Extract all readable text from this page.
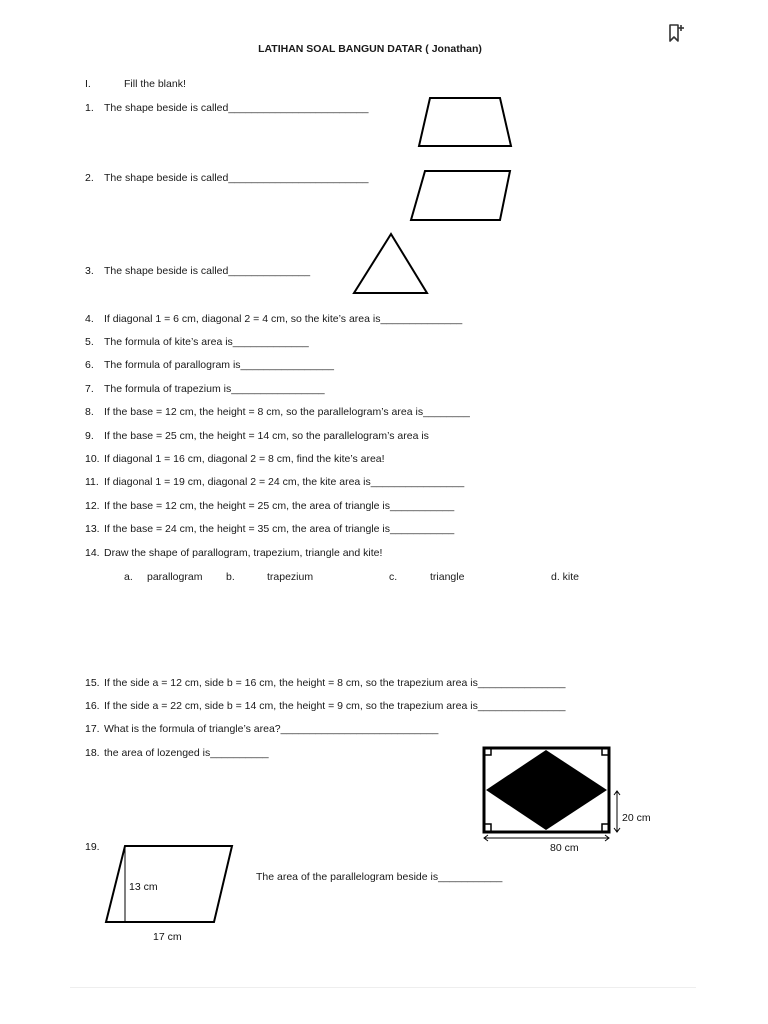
LATIHAN SOAL BANGUN DATAR ( Jonathan)
I.	Fill the blank!
1. The shape beside is called________________________
2. The shape beside is called________________________
3. The shape beside is called______________
4. If diagonal 1 = 6 cm, diagonal 2 = 4 cm, so the kite’s area is______________
5. The formula of kite’s area is_____________
6. The formula of parallogram is________________
7. The formula of trapezium is________________
8. If the base = 12 cm, the height = 8 cm, so the parallelogram’s area is________
9. If the base = 25 cm, the height = 14 cm, so the parallelogram’s area is
10. If diagonal 1 = 16 cm, diagonal 2 = 8 cm, find the kite’s area!
11. If diagonal 1 = 19 cm, diagonal 2 = 24 cm, the kite area is________________
12. If the base = 12 cm, the height = 25 cm, the area of triangle is___________
13. If the base = 24 cm, the height = 35 cm, the area of triangle is___________
14. Draw the shape of parallogram, trapezium, triangle and kite!
a. parallogram b.	trapezium	c.	triangle	d. kite
15. If the side a = 12 cm, side b = 16 cm, the height = 8 cm, so the trapezium area is_______________
16. If the side a = 22 cm, side b = 14 cm, the height = 9 cm, so the trapezium area is_______________
17. What is the formula of triangle’s area?___________________________
18. the area of lozenged is__________
20 cm
80 cm
19.
13 cm
17 cm
The area of the parallelogram beside is___________
